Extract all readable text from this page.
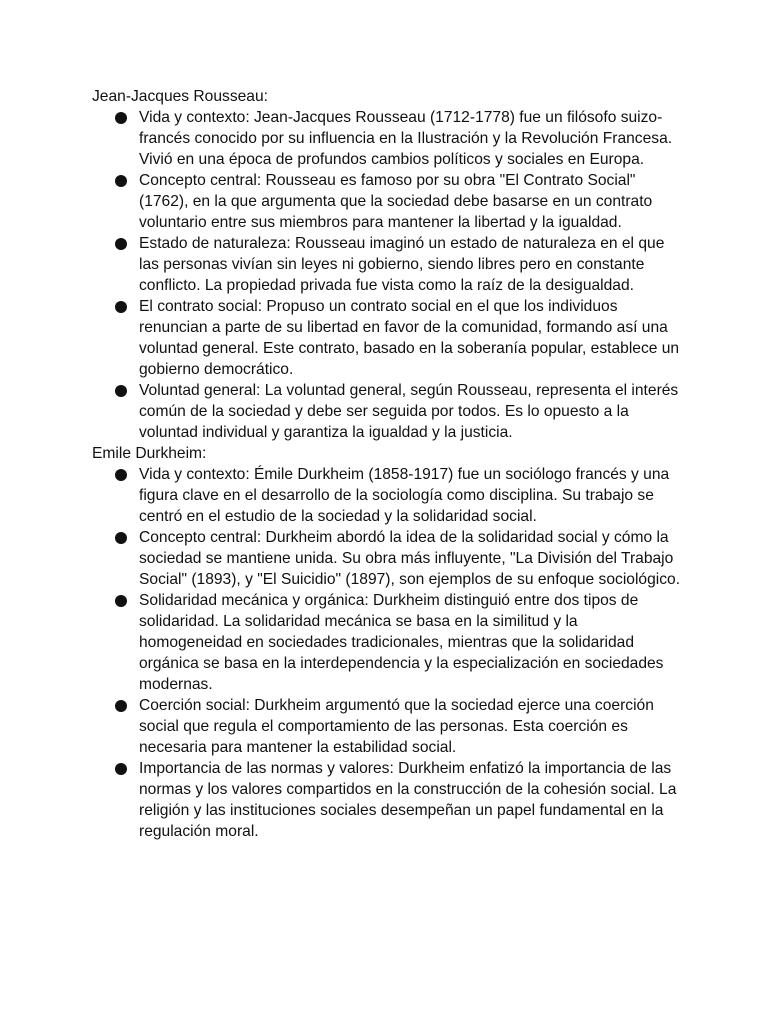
Jean-Jacques Rousseau:

Vida y contexto: Jean-Jacques Rousseau (1712-1778) fue un filósofo suizo-francés conocido por su influencia en la Ilustración y la Revolución Francesa. Vivió en una época de profundos cambios políticos y sociales en Europa.
Concepto central: Rousseau es famoso por su obra "El Contrato Social" (1762), en la que argumenta que la sociedad debe basarse en un contrato voluntario entre sus miembros para mantener la libertad y la igualdad.
Estado de naturaleza: Rousseau imaginó un estado de naturaleza en el que las personas vivían sin leyes ni gobierno, siendo libres pero en constante conflicto. La propiedad privada fue vista como la raíz de la desigualdad.
El contrato social: Propuso un contrato social en el que los individuos renuncian a parte de su libertad en favor de la comunidad, formando así una voluntad general. Este contrato, basado en la soberanía popular, establece un gobierno democrático.
Voluntad general: La voluntad general, según Rousseau, representa el interés común de la sociedad y debe ser seguida por todos. Es lo opuesto a la voluntad individual y garantiza la igualdad y la justicia.

Emile Durkheim:

Vida y contexto: Émile Durkheim (1858-1917) fue un sociólogo francés y una figura clave en el desarrollo de la sociología como disciplina. Su trabajo se centró en el estudio de la sociedad y la solidaridad social.
Concepto central: Durkheim abordó la idea de la solidaridad social y cómo la sociedad se mantiene unida. Su obra más influyente, "La División del Trabajo Social" (1893), y "El Suicidio" (1897), son ejemplos de su enfoque sociológico.
Solidaridad mecánica y orgánica: Durkheim distinguió entre dos tipos de solidaridad. La solidaridad mecánica se basa en la similitud y la homogeneidad en sociedades tradicionales, mientras que la solidaridad orgánica se basa en la interdependencia y la especialización en sociedades modernas.
Coerción social: Durkheim argumentó que la sociedad ejerce una coerción social que regula el comportamiento de las personas. Esta coerción es necesaria para mantener la estabilidad social.
Importancia de las normas y valores: Durkheim enfatizó la importancia de las normas y los valores compartidos en la construcción de la cohesión social. La religión y las instituciones sociales desempeñan un papel fundamental en la regulación moral.
